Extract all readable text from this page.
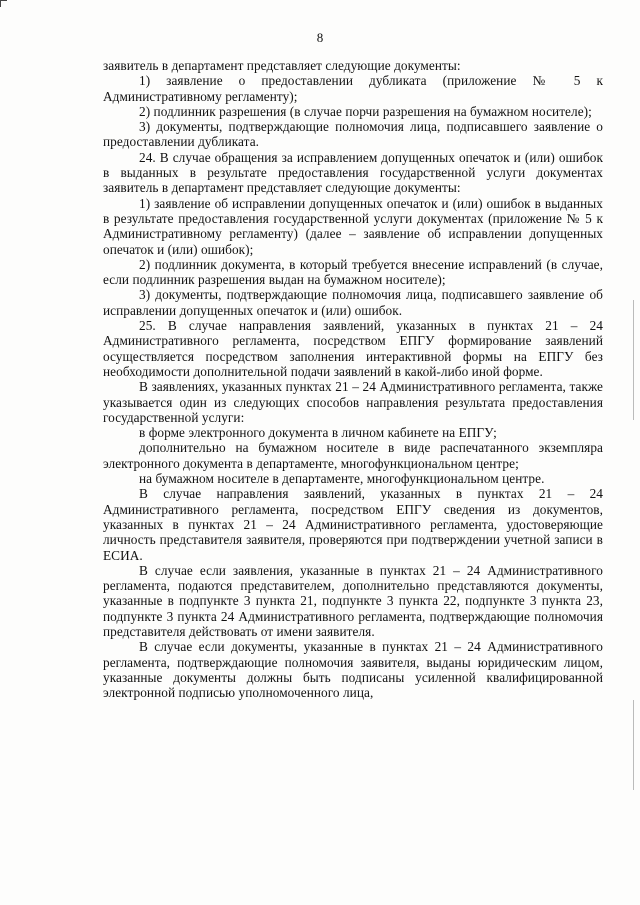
8

заявитель в департамент представляет следующие документы:

1) заявление о предоставлении дубликата (приложение № 5 к Административному регламенту);

2) подлинник разрешения (в случае порчи разрешения на бумажном носителе);

3) документы, подтверждающие полномочия лица, подписавшего заявление о предоставлении дубликата.

24. В случае обращения за исправлением допущенных опечаток и (или) ошибок в выданных в результате предоставления государственной услуги документах заявитель в департамент представляет следующие документы:

1) заявление об исправлении допущенных опечаток и (или) ошибок в выданных в результате предоставления государственной услуги документах (приложение № 5 к Административному регламенту) (далее – заявление об исправлении допущенных опечаток и (или) ошибок);

2) подлинник документа, в который требуется внесение исправлений (в случае, если подлинник разрешения выдан на бумажном носителе);

3) документы, подтверждающие полномочия лица, подписавшего заявление об исправлении допущенных опечаток и (или) ошибок.

25. В случае направления заявлений, указанных в пунктах 21 – 24 Административного регламента, посредством ЕПГУ формирование заявлений осуществляется посредством заполнения интерактивной формы на ЕПГУ без необходимости дополнительной подачи заявлений в какой-либо иной форме.

В заявлениях, указанных пунктах 21 – 24 Административного регламента, также указывается один из следующих способов направления результата предоставления государственной услуги:

в форме электронного документа в личном кабинете на ЕПГУ;

дополнительно на бумажном носителе в виде распечатанного экземпляра электронного документа в департаменте, многофункциональном центре;

на бумажном носителе в департаменте, многофункциональном центре.

В случае направления заявлений, указанных в пунктах 21 – 24 Административного регламента, посредством ЕПГУ сведения из документов, указанных в пунктах 21 – 24 Административного регламента, удостоверяющие личность представителя заявителя, проверяются при подтверждении учетной записи в ЕСИА.

В случае если заявления, указанные в пунктах 21 – 24 Административного регламента, подаются представителем, дополнительно представляются документы, указанные в подпункте 3 пункта 21, подпункте 3 пункта 22, подпункте 3 пункта 23, подпункте 3 пункта 24 Административного регламента, подтверждающие полномочия представителя действовать от имени заявителя.

В случае если документы, указанные в пунктах 21 – 24 Административного регламента, подтверждающие полномочия заявителя, выданы юридическим лицом, указанные документы должны быть подписаны усиленной квалифицированной электронной подписью уполномоченного лица,
